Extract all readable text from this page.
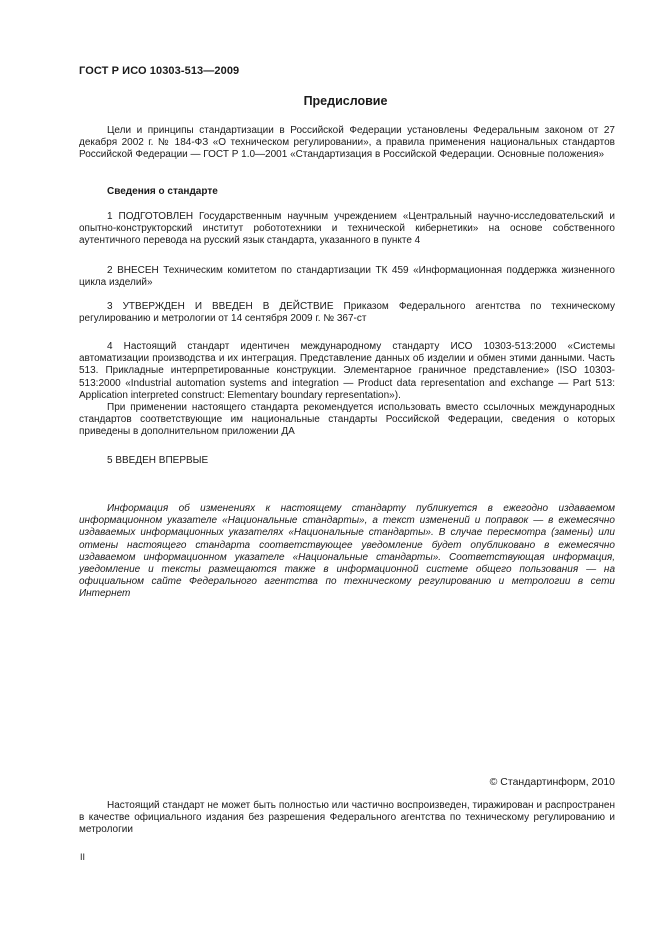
ГОСТ Р ИСО 10303-513—2009
Предисловие

Цели и принципы стандартизации в Российской Федерации установлены Федеральным законом от 27 декабря 2002 г. № 184-ФЗ «О техническом регулировании», а правила применения национальных стандартов Российской Федерации — ГОСТ Р 1.0—2001 «Стандартизация в Российской Федерации. Основные положения»

Сведения о стандарте

1 ПОДГОТОВЛЕН Государственным научным учреждением «Центральный научно-исследовательский и опытно-конструкторский институт робототехники и технической кибернетики» на основе собственного аутентичного перевода на русский язык стандарта, указанного в пункте 4

2 ВНЕСЕН Техническим комитетом по стандартизации ТК 459 «Информационная поддержка жизненного цикла изделий»

3 УТВЕРЖДЕН И ВВЕДЕН В ДЕЙСТВИЕ Приказом Федерального агентства по техническому регулированию и метрологии от 14 сентября 2009 г. № 367-ст

4 Настоящий стандарт идентичен международному стандарту ИСО 10303-513:2000 «Системы автоматизации производства и их интеграция. Представление данных об изделии и обмен этими данными. Часть 513. Прикладные интерпретированные конструкции. Элементарное граничное представление» (ISO 10303-513:2000 «Industrial automation systems and integration — Product data representation and exchange — Part 513: Application interpreted construct: Elementary boundary representation»).

При применении настоящего стандарта рекомендуется использовать вместо ссылочных международных стандартов соответствующие им национальные стандарты Российской Федерации, сведения о которых приведены в дополнительном приложении ДА

5 ВВЕДЕН ВПЕРВЫЕ

Информация об изменениях к настоящему стандарту публикуется в ежегодно издаваемом информационном указателе «Национальные стандарты», а текст изменений и поправок — в ежемесячно издаваемых информационных указателях «Национальные стандарты». В случае пересмотра (замены) или отмены настоящего стандарта соответствующее уведомление будет опубликовано в ежемесячно издаваемом информационном указателе «Национальные стандарты». Соответствующая информация, уведомление и тексты размещаются также в информационной системе общего пользования — на официальном сайте Федерального агентства по техническому регулированию и метрологии в сети Интернет

© Стандартинформ, 2010

Настоящий стандарт не может быть полностью или частично воспроизведен, тиражирован и распространен в качестве официального издания без разрешения Федерального агентства по техническому регулированию и метрологии

II
